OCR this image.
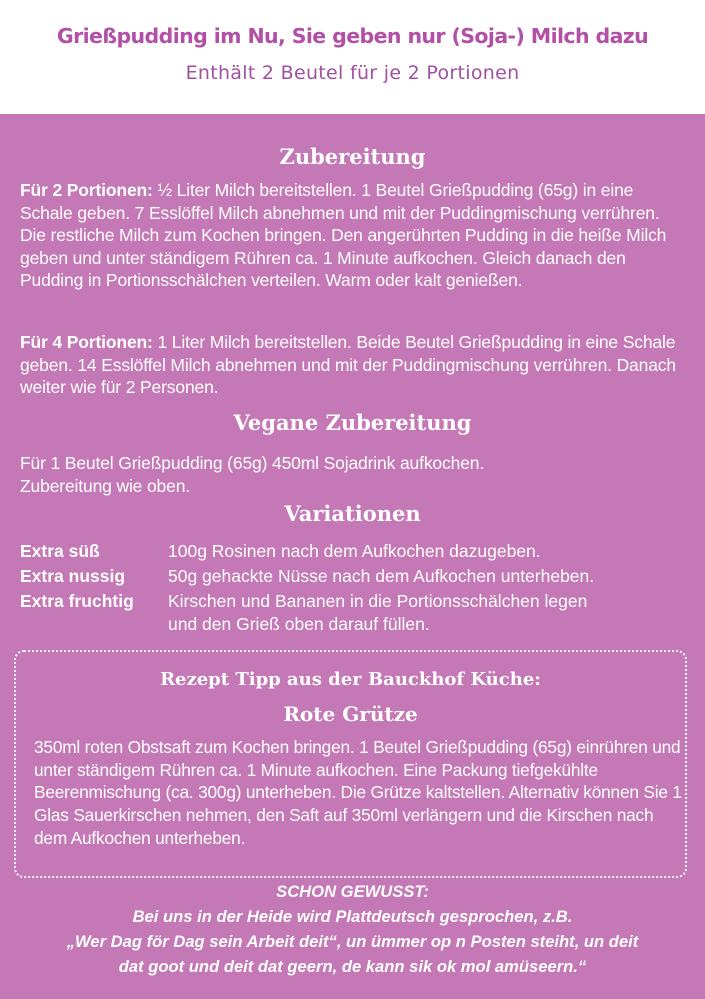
Grießpudding im Nu, Sie geben nur (Soja-) Milch dazu
Enthält 2 Beutel für je 2 Portionen
Zubereitung
Für 2 Portionen: ½ Liter Milch bereitstellen. 1 Beutel Grießpudding (65g) in eine Schale geben. 7 Esslöffel Milch abnehmen und mit der Puddingmischung verrühren. Die restliche Milch zum Kochen bringen. Den angerührten Pudding in die heiße Milch geben und unter ständigem Rühren ca. 1 Minute aufkochen. Gleich danach den Pudding in Portionsschälchen verteilen. Warm oder kalt genießen.
Für 4 Portionen: 1 Liter Milch bereitstellen. Beide Beutel Grießpudding in eine Schale geben. 14 Esslöffel Milch abnehmen und mit der Puddingmischung verrühren. Danach weiter wie für 2 Personen.
Vegane Zubereitung
Für 1 Beutel Grießpudding (65g) 450ml Sojadrink aufkochen. Zubereitung wie oben.
Variationen
Extra süß	100g Rosinen nach dem Aufkochen dazugeben.
Extra nussig	50g gehackte Nüsse nach dem Aufkochen unterheben.
Extra fruchtig	Kirschen und Bananen in die Portionsschälchen legen
und den Grieß oben darauf füllen.
Rezept Tipp aus der Bauckhof Küche:
Rote Grütze
350ml roten Obstsaft zum Kochen bringen. 1 Beutel Grießpudding (65g) einrühren und unter ständigem Rühren ca. 1 Minute aufkochen. Eine Packung tiefgekühlte Beerenmischung (ca. 300g) unterheben. Die Grütze kaltstellen. Alternativ können Sie 1 Glas Sauerkirschen nehmen, den Saft auf 350ml verlängern und die Kirschen nach dem Aufkochen unterheben.
SCHON GEWUSST:
Bei uns in der Heide wird Plattdeutsch gesprochen, z.B.
„Wer Dag för Dag sein Arbeit deit“, un ümmer op n Posten steiht, un deit
dat goot und deit dat geern, de kann sik ok mol amüseern.“
